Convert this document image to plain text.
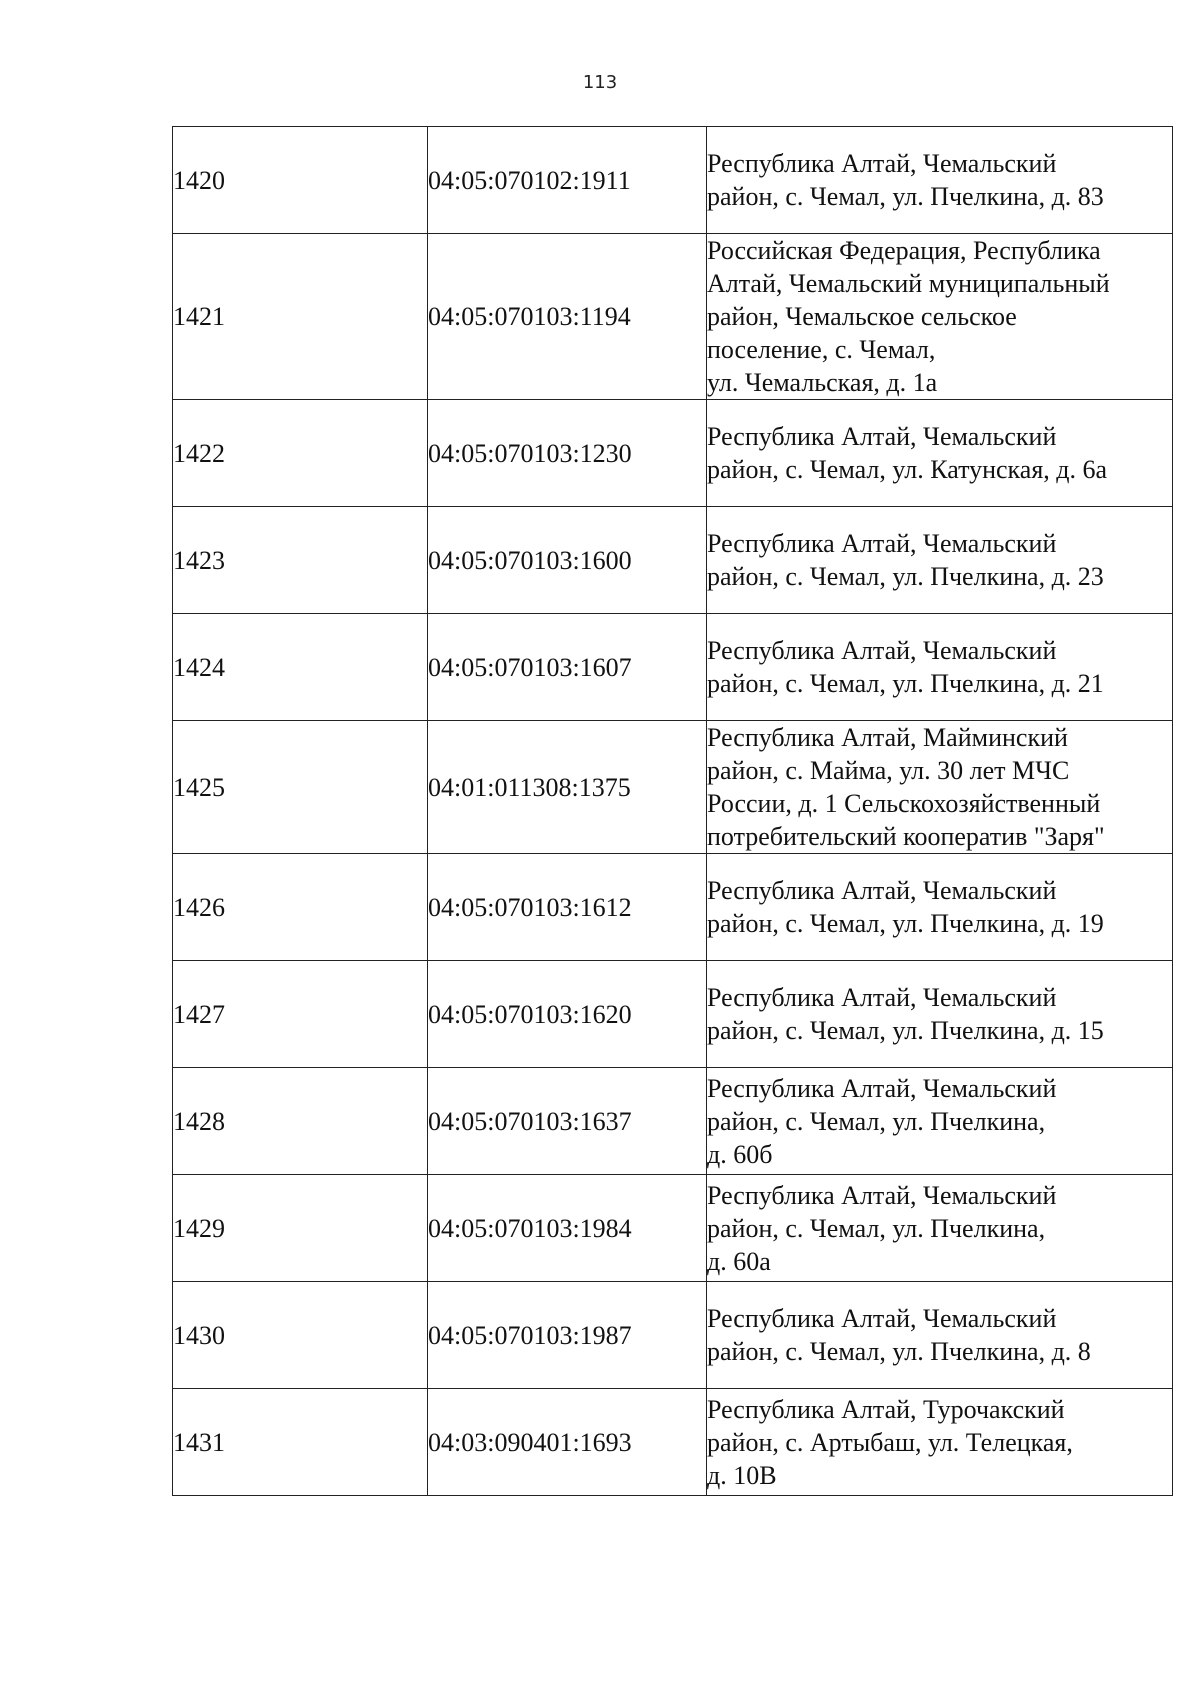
113
1420	04:05:070102:1911	Республика Алтай, Чемальский
район, с. Чемал, ул. Пчелкина, д. 83

1421	04:05:070103:1194	Российская Федерация, Республика
Алтай, Чемальский муниципальный
район, Чемальское сельское
поселение, с. Чемал,
ул. Чемальская, д. 1а

1422	04:05:070103:1230	Республика Алтай, Чемальский
район, с. Чемал, ул. Катунская, д. 6а

1423	04:05:070103:1600	Республика Алтай, Чемальский
район, с. Чемал, ул. Пчелкина, д. 23

1424	04:05:070103:1607	Республика Алтай, Чемальский
район, с. Чемал, ул. Пчелкина, д. 21

1425	04:01:011308:1375	Республика Алтай, Майминский
район, с. Майма, ул. 30 лет МЧС
России, д. 1 Сельскохозяйственный
потребительский кооператив "Заря"

1426	04:05:070103:1612	Республика Алтай, Чемальский
район, с. Чемал, ул. Пчелкина, д. 19

1427	04:05:070103:1620	Республика Алтай, Чемальский
район, с. Чемал, ул. Пчелкина, д. 15

1428	04:05:070103:1637	Республика Алтай, Чемальский
район, с. Чемал, ул. Пчелкина,
д. 60б

1429	04:05:070103:1984	Республика Алтай, Чемальский
район, с. Чемал, ул. Пчелкина,
д. 60а

1430	04:05:070103:1987	Республика Алтай, Чемальский
район, с. Чемал, ул. Пчелкина, д. 8

1431	04:03:090401:1693	Республика Алтай, Турочакский
район, с. Артыбаш, ул. Телецкая,
д. 10В
